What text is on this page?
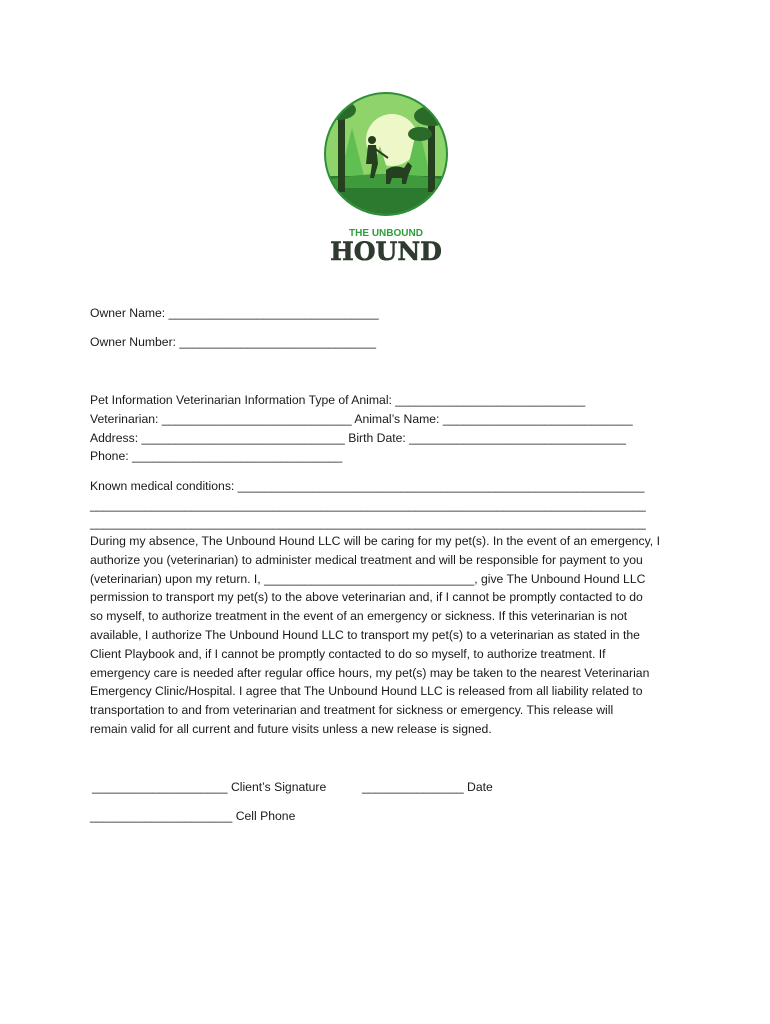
THE UNBOUND
HOUND
Owner Name: _______________________________
Owner Number: _____________________________
Pet Information Veterinarian Information Type of Animal: ____________________________
Veterinarian: ____________________________ Animal’s Name: ____________________________
Address: ______________________________ Birth Date: ________________________________
Phone: _______________________________
Known medical conditions: ____________________________________________________________
__________________________________________________________________________________
__________________________________________________________________________________
During my absence, The Unbound Hound LLC will be caring for my pet(s). In the event of an emergency, I
authorize you (veterinarian) to administer medical treatment and will be responsible for payment to you
(veterinarian) upon my return. I, _______________________________, give The Unbound Hound LLC
permission to transport my pet(s) to the above veterinarian and, if I cannot be promptly contacted to do
so myself, to authorize treatment in the event of an emergency or sickness. If this veterinarian is not
available, I authorize The Unbound Hound LLC to transport my pet(s) to a veterinarian as stated in the
Client Playbook and, if I cannot be promptly contacted to do so myself, to authorize treatment. If
emergency care is needed after regular office hours, my pet(s) may be taken to the nearest Veterinarian
Emergency Clinic/Hospital. I agree that The Unbound Hound LLC is released from all liability related to
transportation to and from veterinarian and treatment for sickness or emergency. This release will
remain valid for all current and future visits unless a new release is signed.
____________________ Client’s Signature	_______________ Date
_____________________ Cell Phone
